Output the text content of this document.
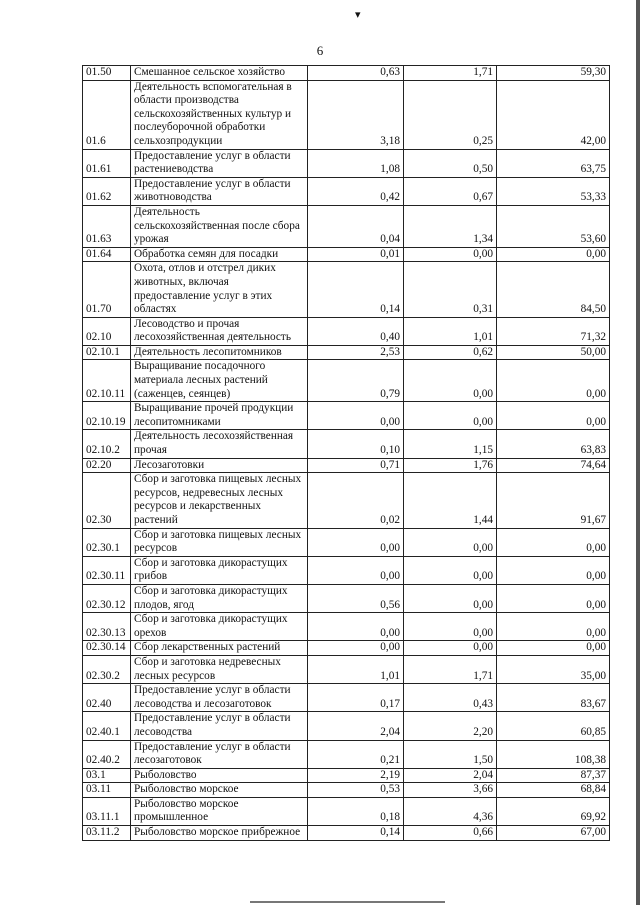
▾
6
01.50	Смешанное сельское хозяйство	0,63	1,71	59,30
01.6	Деятельность вспомогательная в области производства сельскохозяйственных культур и послеуборочной обработки сельхозпродукции	3,18	0,25	42,00
01.61	Предоставление услуг в области растениеводства	1,08	0,50	63,75
01.62	Предоставление услуг в области животноводства	0,42	0,67	53,33
01.63	Деятельность сельскохозяйственная после сбора урожая	0,04	1,34	53,60
01.64	Обработка семян для посадки	0,01	0,00	0,00
01.70	Охота, отлов и отстрел диких животных, включая предоставление услуг в этих областях	0,14	0,31	84,50
02.10	Лесоводство и прочая лесохозяйственная деятельность	0,40	1,01	71,32
02.10.1	Деятельность лесопитомников	2,53	0,62	50,00
02.10.11	Выращивание посадочного материала лесных растений (саженцев, сеянцев)	0,79	0,00	0,00
02.10.19	Выращивание прочей продукции лесопитомниками	0,00	0,00	0,00
02.10.2	Деятельность лесохозяйственная прочая	0,10	1,15	63,83
02.20	Лесозаготовки	0,71	1,76	74,64
02.30	Сбор и заготовка пищевых лесных ресурсов, недревесных лесных ресурсов и лекарственных растений	0,02	1,44	91,67
02.30.1	Сбор и заготовка пищевых лесных ресурсов	0,00	0,00	0,00
02.30.11	Сбор и заготовка дикорастущих грибов	0,00	0,00	0,00
02.30.12	Сбор и заготовка дикорастущих плодов, ягод	0,56	0,00	0,00
02.30.13	Сбор и заготовка дикорастущих орехов	0,00	0,00	0,00
02.30.14	Сбор лекарственных растений	0,00	0,00	0,00
02.30.2	Сбор и заготовка недревесных лесных ресурсов	1,01	1,71	35,00
02.40	Предоставление услуг в области лесоводства и лесозаготовок	0,17	0,43	83,67
02.40.1	Предоставление услуг в области лесоводства	2,04	2,20	60,85
02.40.2	Предоставление услуг в области лесозаготовок	0,21	1,50	108,38
03.1	Рыболовство	2,19	2,04	87,37
03.11	Рыболовство морское	0,53	3,66	68,84
03.11.1	Рыболовство морское промышленное	0,18	4,36	69,92
03.11.2	Рыболовство морское прибрежное	0,14	0,66	67,00
